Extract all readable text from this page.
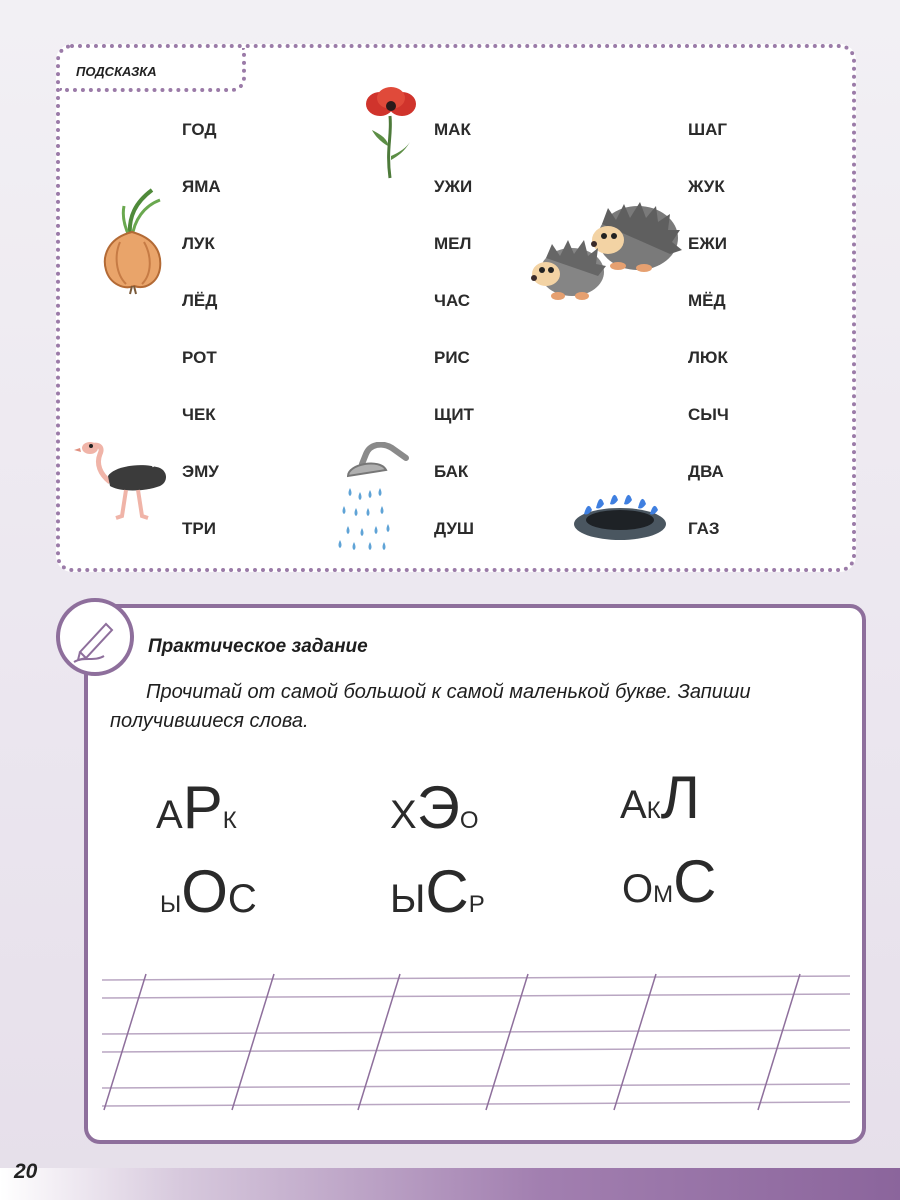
ПОДСКАЗКА
ГОД
ЯМА
ЛУК
ЛЁД
РОТ
ЧЕК
ЭМУ
ТРИ
МАК
УЖИ
МЕЛ
ЧАС
РИС
ЩИТ
БАК
ДУШ
ШАГ
ЖУК
ЕЖИ
МЁД
ЛЮК
СЫЧ
ДВА
ГАЗ
Практическое задание
Прочитай от самой большой к самой маленькой букве. Запиши получившиеся слова.
АРК	ХЭО	АКЛ
ЫОС	ЫСР	ОМС
20
